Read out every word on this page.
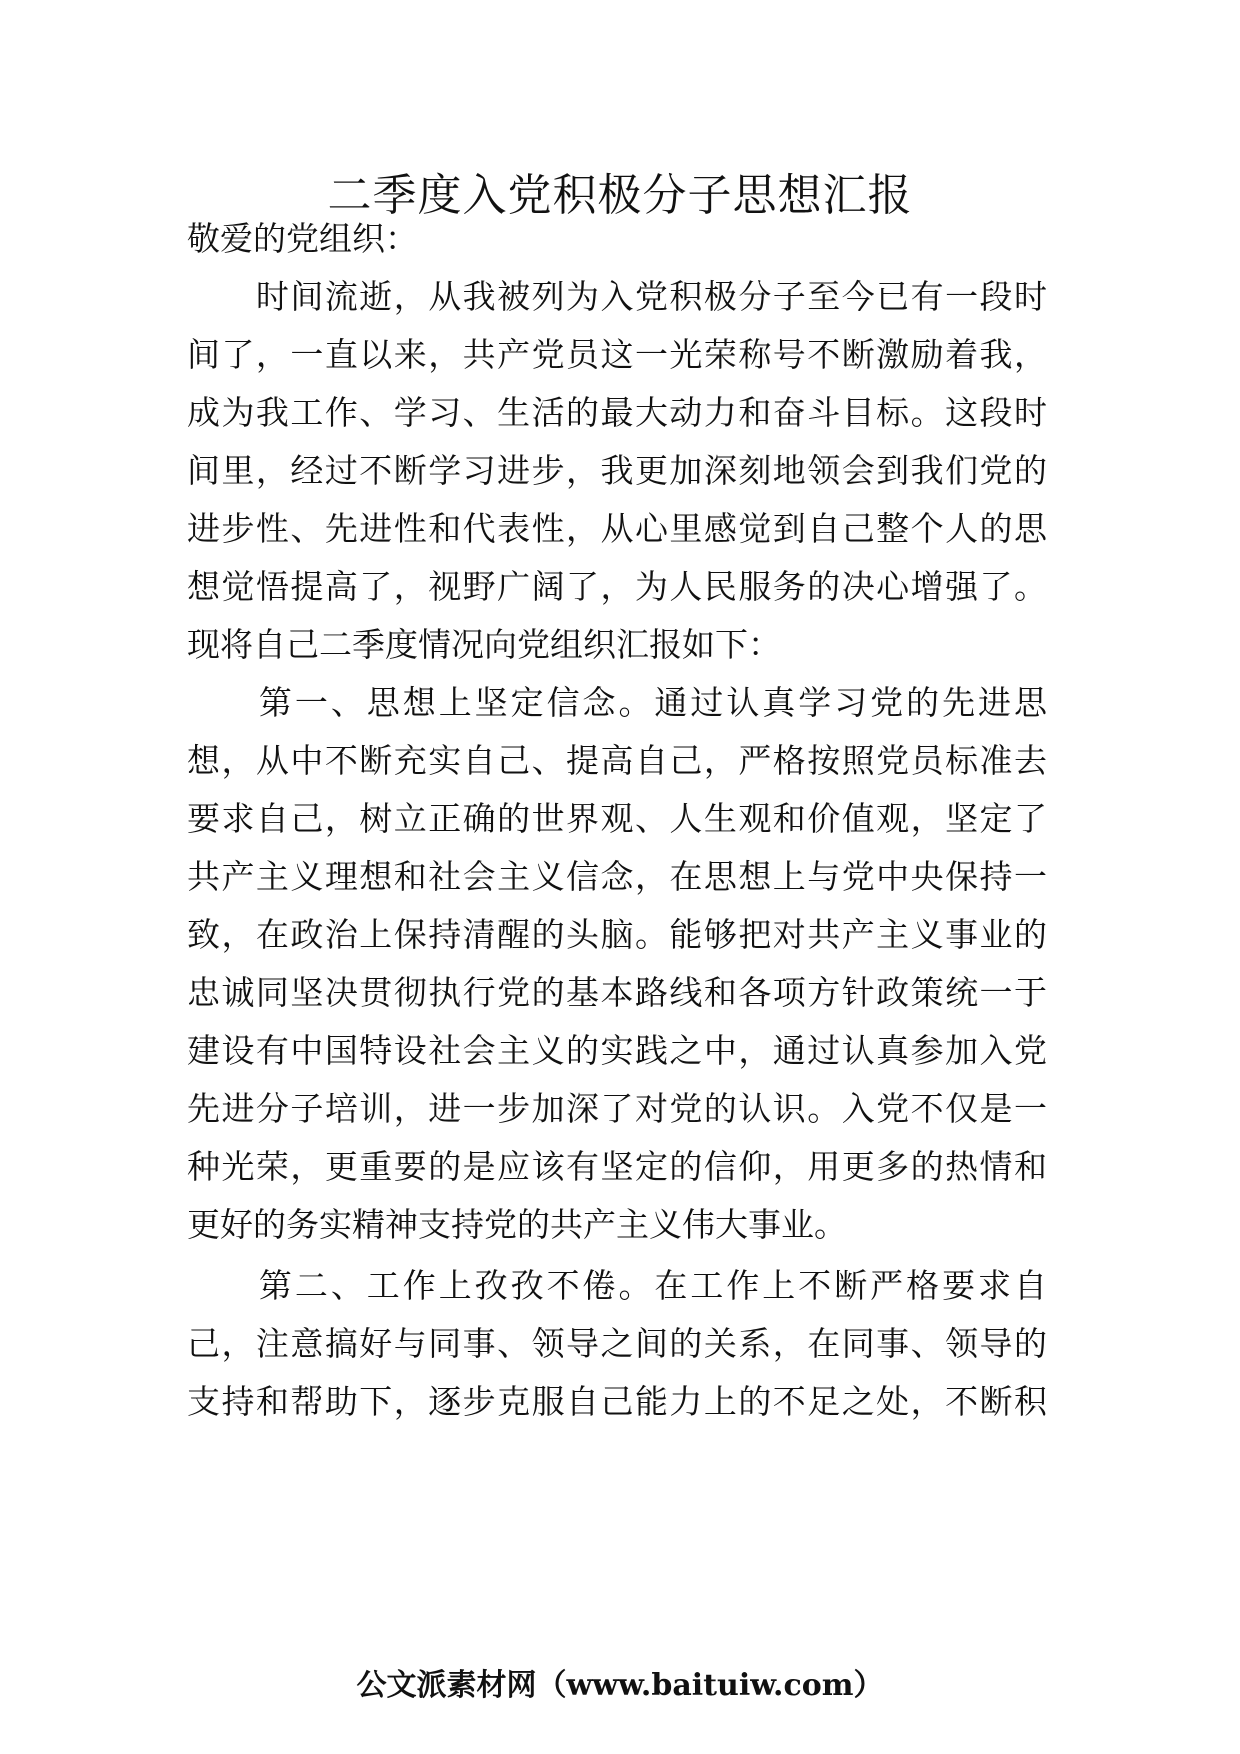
二季度入党积极分子思想汇报
敬爱的党组织：
　　时间流逝，从我被列为入党积极分子至今已有一段时
间了，一直以来，共产党员这一光荣称号不断激励着我，
成为我工作、学习、生活的最大动力和奋斗目标。这段时
间里，经过不断学习进步，我更加深刻地领会到我们党的
进步性、先进性和代表性，从心里感觉到自己整个人的思
想觉悟提高了，视野广阔了，为人民服务的决心增强了。
现将自己二季度情况向党组织汇报如下：
　　第一、思想上坚定信念。通过认真学习党的先进思
想，从中不断充实自己、提高自己，严格按照党员标准去
要求自己，树立正确的世界观、人生观和价值观，坚定了
共产主义理想和社会主义信念，在思想上与党中央保持一
致，在政治上保持清醒的头脑。能够把对共产主义事业的
忠诚同坚决贯彻执行党的基本路线和各项方针政策统一于
建设有中国特设社会主义的实践之中，通过认真参加入党
先进分子培训，进一步加深了对党的认识。入党不仅是一
种光荣，更重要的是应该有坚定的信仰，用更多的热情和
更好的务实精神支持党的共产主义伟大事业。
　　第二、工作上孜孜不倦。在工作上不断严格要求自
己，注意搞好与同事、领导之间的关系，在同事、领导的
支持和帮助下，逐步克服自己能力上的不足之处，不断积
公文派素材网（www.baituiw.com）
